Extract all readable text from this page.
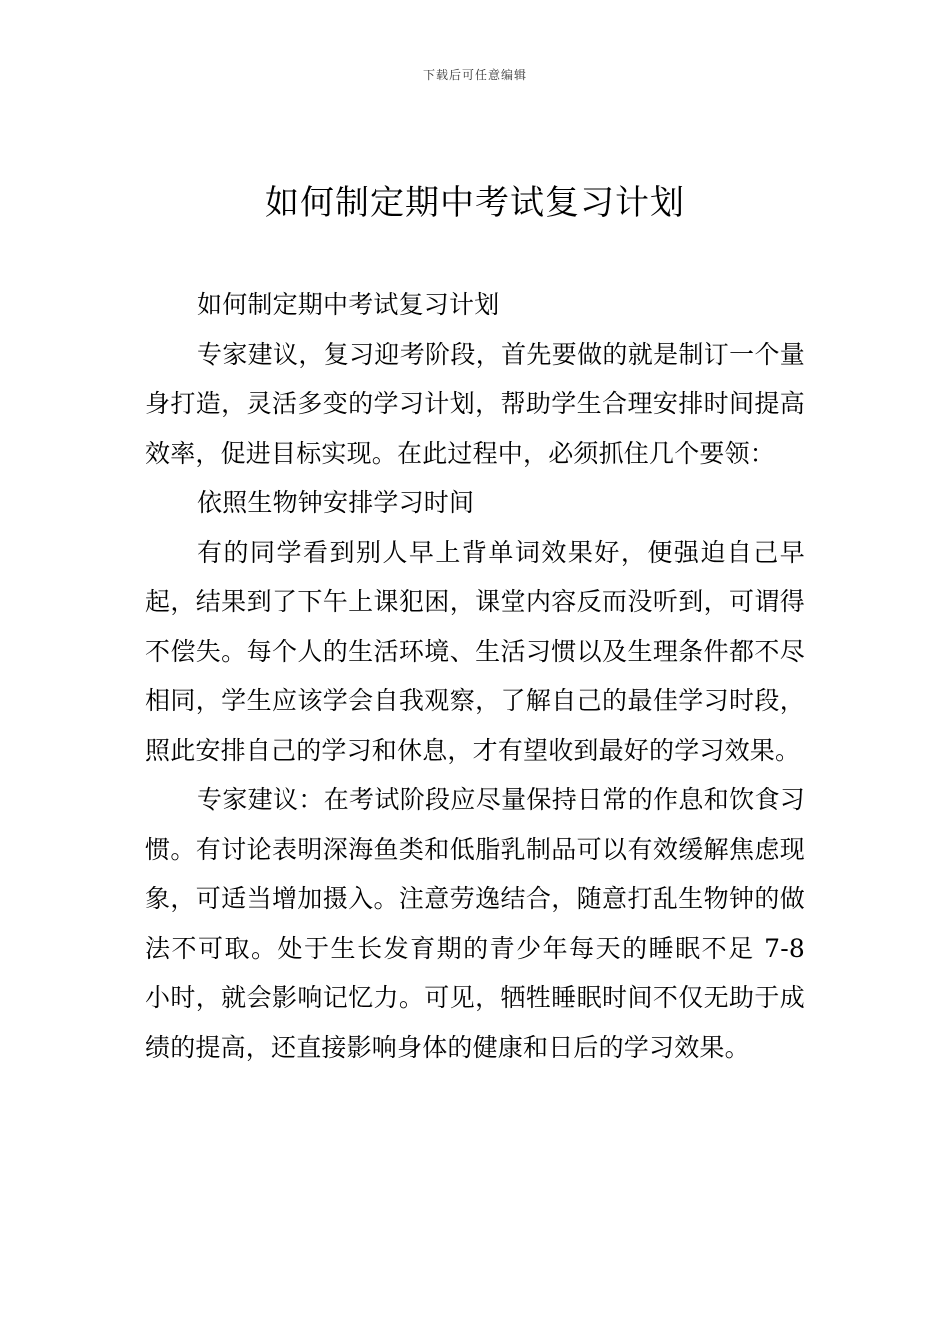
下载后可任意编辑
如何制定期中考试复习计划

如何制定期中考试复习计划

专家建议，复习迎考阶段，首先要做的就是制订一个量身打造，灵活多变的学习计划，帮助学生合理安排时间提高效率，促进目标实现。在此过程中，必须抓住几个要领：

依照生物钟安排学习时间

有的同学看到别人早上背单词效果好，便强迫自己早起，结果到了下午上课犯困，课堂内容反而没听到，可谓得不偿失。每个人的生活环境、生活习惯以及生理条件都不尽相同，学生应该学会自我观察，了解自己的最佳学习时段，照此安排自己的学习和休息，才有望收到最好的学习效果。

专家建议：在考试阶段应尽量保持日常的作息和饮食习惯。有讨论表明深海鱼类和低脂乳制品可以有效缓解焦虑现象，可适当增加摄入。注意劳逸结合，随意打乱生物钟的做法不可取。处于生长发育期的青少年每天的睡眠不足 7-8 小时，就会影响记忆力。可见，牺牲睡眠时间不仅无助于成绩的提高，还直接影响身体的健康和日后的学习效果。
